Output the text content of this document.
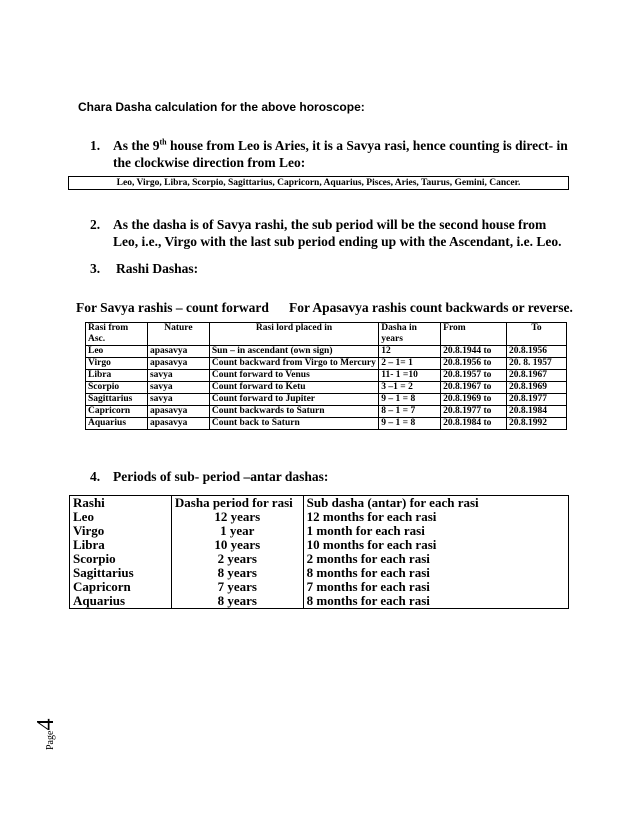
Chara Dasha calculation for the above horoscope:
1. As the 9th house from Leo is Aries, it is a Savya rasi, hence counting is direct- in the clockwise direction from Leo:
Leo, Virgo, Libra, Scorpio, Sagittarius, Capricorn, Aquarius, Pisces, Aries, Taurus, Gemini, Cancer.
2. As the dasha is of Savya rashi, the sub period will be the second house from Leo, i.e., Virgo with the last sub period ending up with the Ascendant, i.e. Leo.
3. Rashi Dashas:
For Savya rashis – count forward For Apasavya rashis count backwards or reverse.
Rasi from Asc.	Nature	Rasi lord placed in	Dasha in years	From	To
Leo	apasavya	Sun – in ascendant (own sign)	12	20.8.1944 to	20.8.1956
Virgo	apasavya	Count backward from Virgo to Mercury	2 – 1= 1	20.8.1956 to	20. 8. 1957
Libra	savya	Count forward to Venus	11- 1 =10	20.8.1957 to	20.8.1967
Scorpio	savya	Count forward to Ketu	3 –1 = 2	20.8.1967 to	20.8.1969
Sagittarius	savya	Count forward to Jupiter	9 – 1 = 8	20.8.1969 to	20.8.1977
Capricorn	apasavya	Count backwards to Saturn	8 – 1 = 7	20.8.1977 to	20.8.1984
Aquarius	apasavya	Count back to Saturn	9 – 1 = 8	20.8.1984 to	20.8.1992
4. Periods of sub- period –antar dashas:
Rashi	Dasha period for rasi	Sub dasha (antar) for each rasi
Leo	12 years	12 months for each rasi
Virgo	1 year	1 month for each rasi
Libra	10 years	10 months for each rasi
Scorpio	2 years	2 months for each rasi
Sagittarius	8 years	8 months for each rasi
Capricorn	7 years	7 months for each rasi
Aquarius	8 years	8 months for each rasi
Page4
